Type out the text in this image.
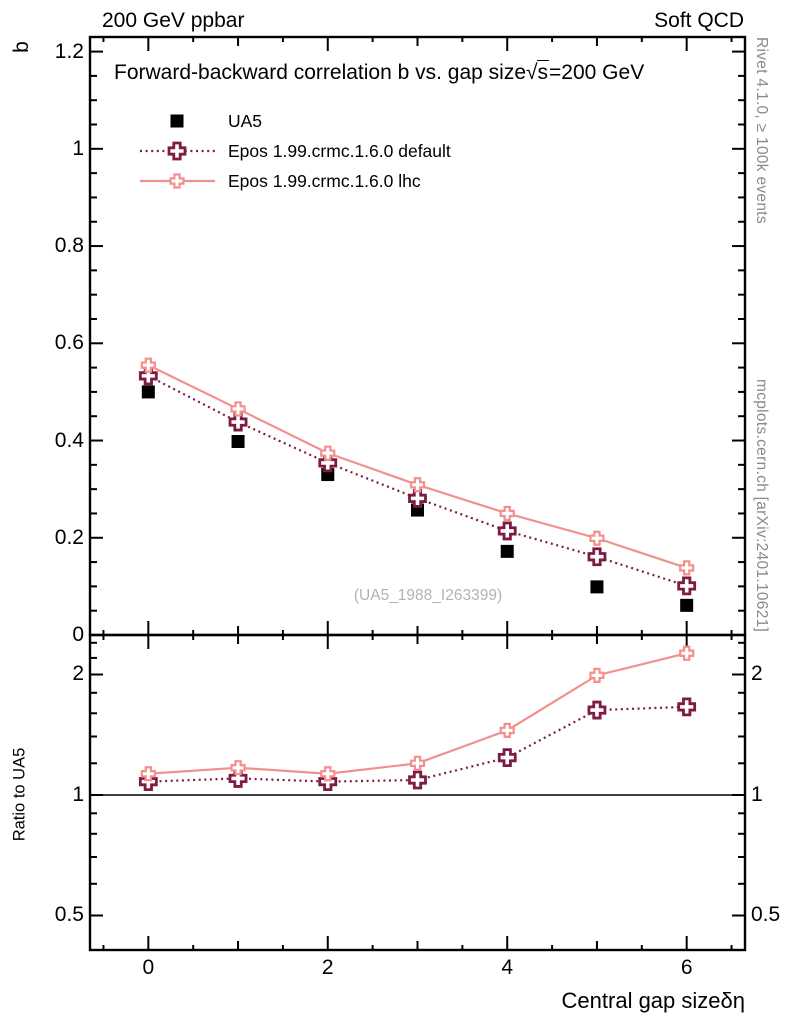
200 GeV ppbar	Soft QCD
b
Forward-backward correlation b vs. gap size√s=200 GeV
UA5
Epos 1.99.crmc.1.6.0 default
Epos 1.99.crmc.1.6.0 lhc	Rivet 4.1.0, ≥ 100k events
mcplots.cern.ch [arXiv:2401.10621]
(UA5_1988_I263399)
Ratio to UA5
Central gap sizeδη
0
0.2
0.4
0.6
0.8
1
1.2
0.5	0.5
1	1
2	2
0	2	4	6
